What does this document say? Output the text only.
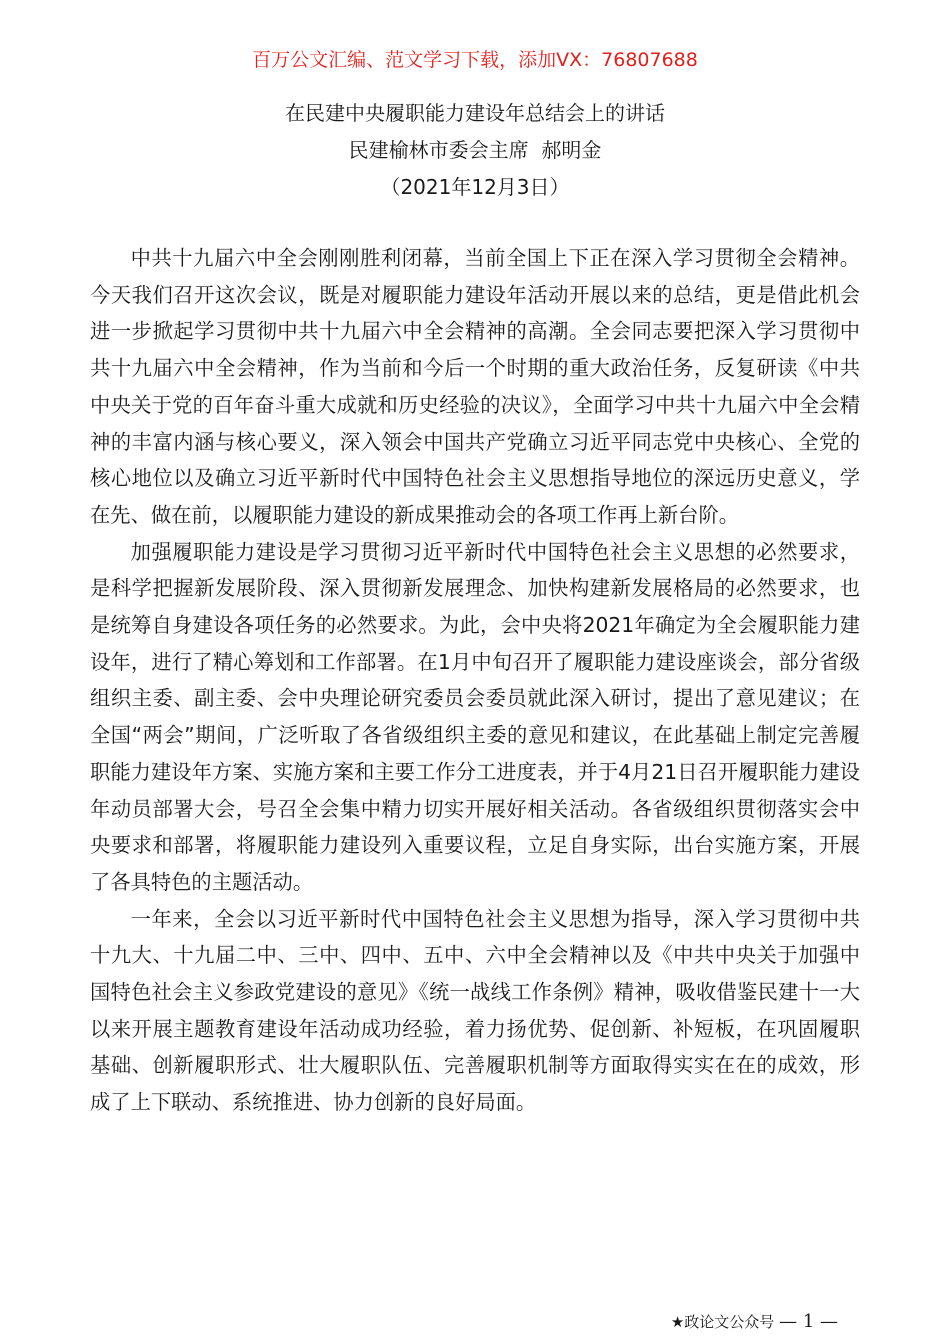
百万公文汇编、范文学习下载，添加VX：76807688
在民建中央履职能力建设年总结会上的讲话
民建榆林市委会主席  郝明金
（2021年12月3日）

中共十九届六中全会刚刚胜利闭幕，当前全国上下正在深入学习贯彻全会精神。今天我们召开这次会议，既是对履职能力建设年活动开展以来的总结，更是借此机会进一步掀起学习贯彻中共十九届六中全会精神的高潮。全会同志要把深入学习贯彻中共十九届六中全会精神，作为当前和今后一个时期的重大政治任务，反复研读《中共中央关于党的百年奋斗重大成就和历史经验的决议》，全面学习中共十九届六中全会精神的丰富内涵与核心要义，深入领会中国共产党确立习近平同志党中央核心、全党的核心地位以及确立习近平新时代中国特色社会主义思想指导地位的深远历史意义，学在先、做在前，以履职能力建设的新成果推动会的各项工作再上新台阶。

加强履职能力建设是学习贯彻习近平新时代中国特色社会主义思想的必然要求，是科学把握新发展阶段、深入贯彻新发展理念、加快构建新发展格局的必然要求，也是统筹自身建设各项任务的必然要求。为此，会中央将2021年确定为全会履职能力建设年，进行了精心筹划和工作部署。在1月中旬召开了履职能力建设座谈会，部分省级组织主委、副主委、会中央理论研究委员会委员就此深入研讨，提出了意见建议；在全国“两会”期间，广泛听取了各省级组织主委的意见和建议，在此基础上制定完善履职能力建设年方案、实施方案和主要工作分工进度表，并于4月21日召开履职能力建设年动员部署大会，号召全会集中精力切实开展好相关活动。各省级组织贯彻落实会中央要求和部署，将履职能力建设列入重要议程，立足自身实际，出台实施方案，开展了各具特色的主题活动。

一年来，全会以习近平新时代中国特色社会主义思想为指导，深入学习贯彻中共十九大、十九届二中、三中、四中、五中、六中全会精神以及《中共中央关于加强中国特色社会主义参政党建设的意见》《统一战线工作条例》精神，吸收借鉴民建十一大以来开展主题教育建设年活动成功经验，着力扬优势、促创新、补短板，在巩固履职基础、创新履职形式、壮大履职队伍、完善履职机制等方面取得实实在在的成效，形成了上下联动、系统推进、协力创新的良好局面。

★政论文公众号 — 1 —
